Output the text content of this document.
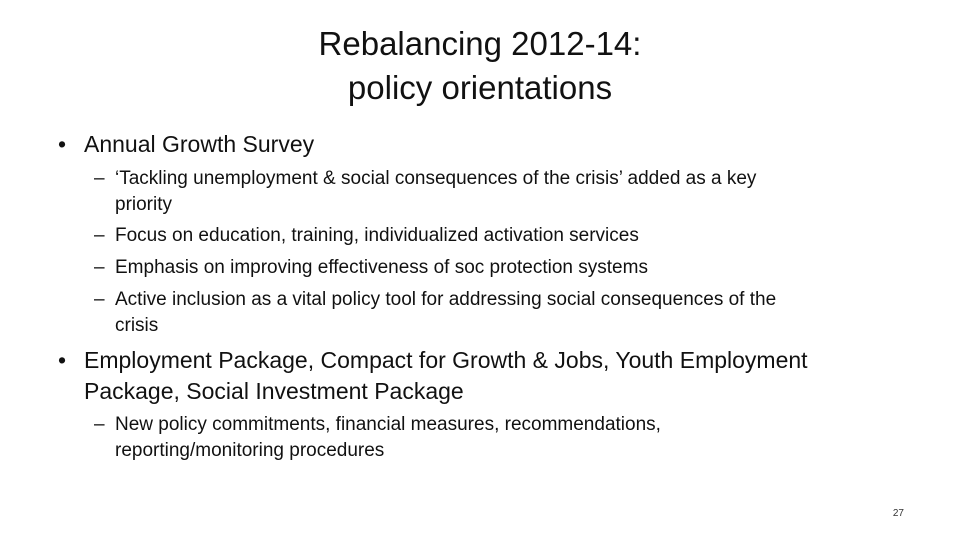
Rebalancing 2012-14:
policy orientations
• Annual Growth Survey
– ‘Tackling unemployment & social consequences of the crisis’ added as a key
priority
– Focus on education, training, individualized activation services
– Emphasis on improving effectiveness of soc protection systems
– Active inclusion as a vital policy tool for addressing social consequences of the
crisis
• Employment Package, Compact for Growth & Jobs, Youth Employment
Package, Social Investment Package
– New policy commitments, financial measures, recommendations,
reporting/monitoring procedures
27
